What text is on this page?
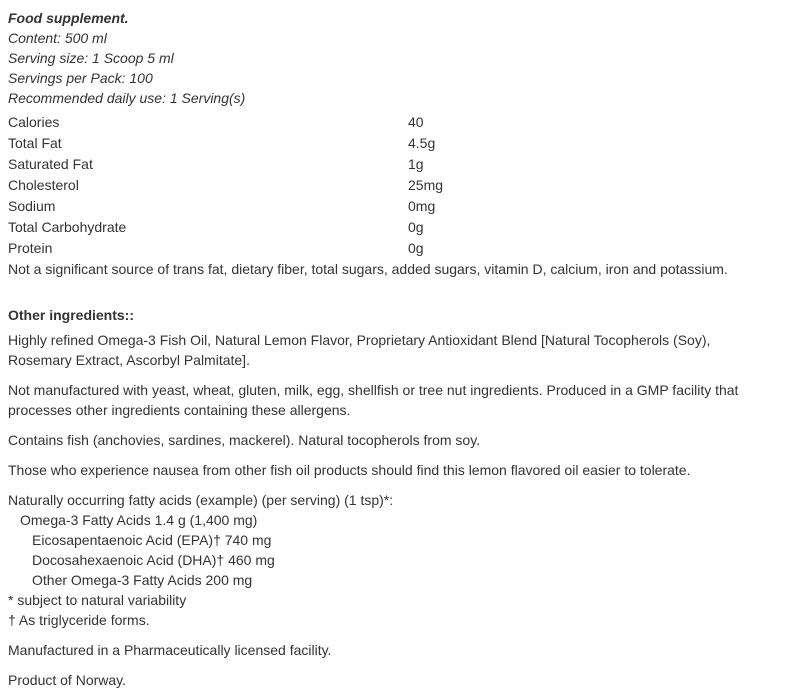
Food supplement.
Content: 500 ml
Serving size: 1 Scoop 5 ml
Servings per Pack: 100
Recommended daily use: 1 Serving(s)
Calories	40
Total Fat	4.5g
Saturated Fat	1g
Cholesterol	25mg
Sodium	0mg
Total Carbohydrate	0g
Protein	0g

Not a significant source of trans fat, dietary fiber, total sugars, added sugars, vitamin D, calcium, iron and potassium.

Other ingredients::

Highly refined Omega-3 Fish Oil, Natural Lemon Flavor, Proprietary Antioxidant Blend [Natural Tocopherols (Soy), Rosemary Extract, Ascorbyl Palmitate].

Not manufactured with yeast, wheat, gluten, milk, egg, shellfish or tree nut ingredients. Produced in a GMP facility that processes other ingredients containing these allergens.

Contains fish (anchovies, sardines, mackerel). Natural tocopherols from soy.

Those who experience nausea from other fish oil products should find this lemon flavored oil easier to tolerate.

Naturally occurring fatty acids (example) (per serving) (1 tsp)*:
Omega-3 Fatty Acids 1.4 g (1,400 mg)
Eicosapentaenoic Acid (EPA)† 740 mg
Docosahexaenoic Acid (DHA)† 460 mg
Other Omega-3 Fatty Acids 200 mg
* subject to natural variability
† As triglyceride forms.

Manufactured in a Pharmaceutically licensed facility.

Product of Norway.
